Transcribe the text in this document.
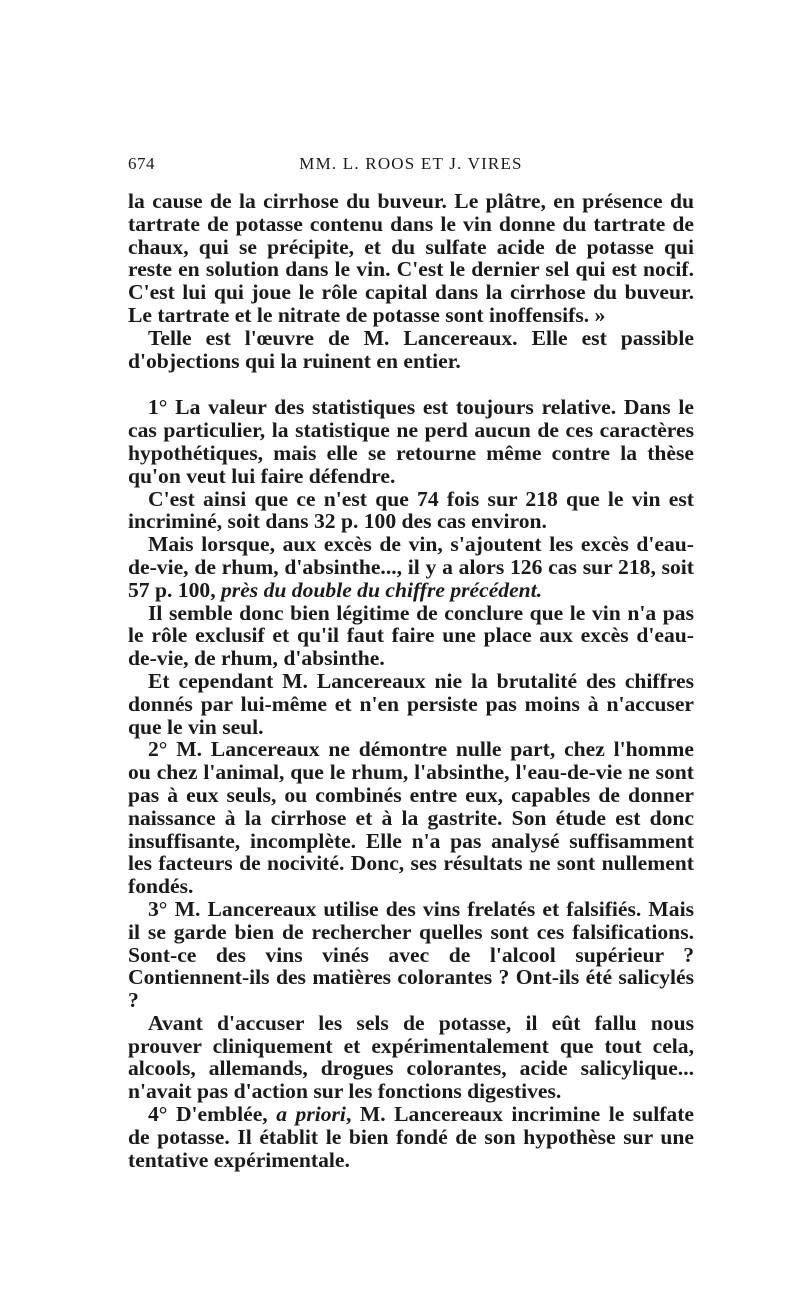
674	MM. L. ROOS ET J. VIRES

la cause de la cirrhose du buveur. Le plâtre, en présence du tartrate de potasse contenu dans le vin donne du tartrate de chaux, qui se précipite, et du sulfate acide de potasse qui reste en solution dans le vin. C'est le dernier sel qui est nocif. C'est lui qui joue le rôle capital dans la cirrhose du buveur. Le tartrate et le nitrate de potasse sont inoffensifs. »

Telle est l'œuvre de M. Lancereaux. Elle est passible d'objections qui la ruinent en entier.

1° La valeur des statistiques est toujours relative. Dans le cas particulier, la statistique ne perd aucun de ces caractères hypothétiques, mais elle se retourne même contre la thèse qu'on veut lui faire défendre.

C'est ainsi que ce n'est que 74 fois sur 218 que le vin est incriminé, soit dans 32 p. 100 des cas environ.

Mais lorsque, aux excès de vin, s'ajoutent les excès d'eau-de-vie, de rhum, d'absinthe..., il y a alors 126 cas sur 218, soit 57 p. 100, près du double du chiffre précédent.

Il semble donc bien légitime de conclure que le vin n'a pas le rôle exclusif et qu'il faut faire une place aux excès d'eau-de-vie, de rhum, d'absinthe.

Et cependant M. Lancereaux nie la brutalité des chiffres donnés par lui-même et n'en persiste pas moins à n'accuser que le vin seul.

2° M. Lancereaux ne démontre nulle part, chez l'homme ou chez l'animal, que le rhum, l'absinthe, l'eau-de-vie ne sont pas à eux seuls, ou combinés entre eux, capables de donner naissance à la cirrhose et à la gastrite. Son étude est donc insuffisante, incomplète. Elle n'a pas analysé suffisamment les facteurs de nocivité. Donc, ses résultats ne sont nullement fondés.

3° M. Lancereaux utilise des vins frelatés et falsifiés. Mais il se garde bien de rechercher quelles sont ces falsifications. Sont-ce des vins vinés avec de l'alcool supérieur ? Contiennent-ils des matières colorantes ? Ont-ils été salicylés ?

Avant d'accuser les sels de potasse, il eût fallu nous prouver cliniquement et expérimentalement que tout cela, alcools, allemands, drogues colorantes, acide salicylique... n'avait pas d'action sur les fonctions digestives.

4° D'emblée, a priori, M. Lancereaux incrimine le sulfate de potasse. Il établit le bien fondé de son hypothèse sur une tentative expérimentale.
